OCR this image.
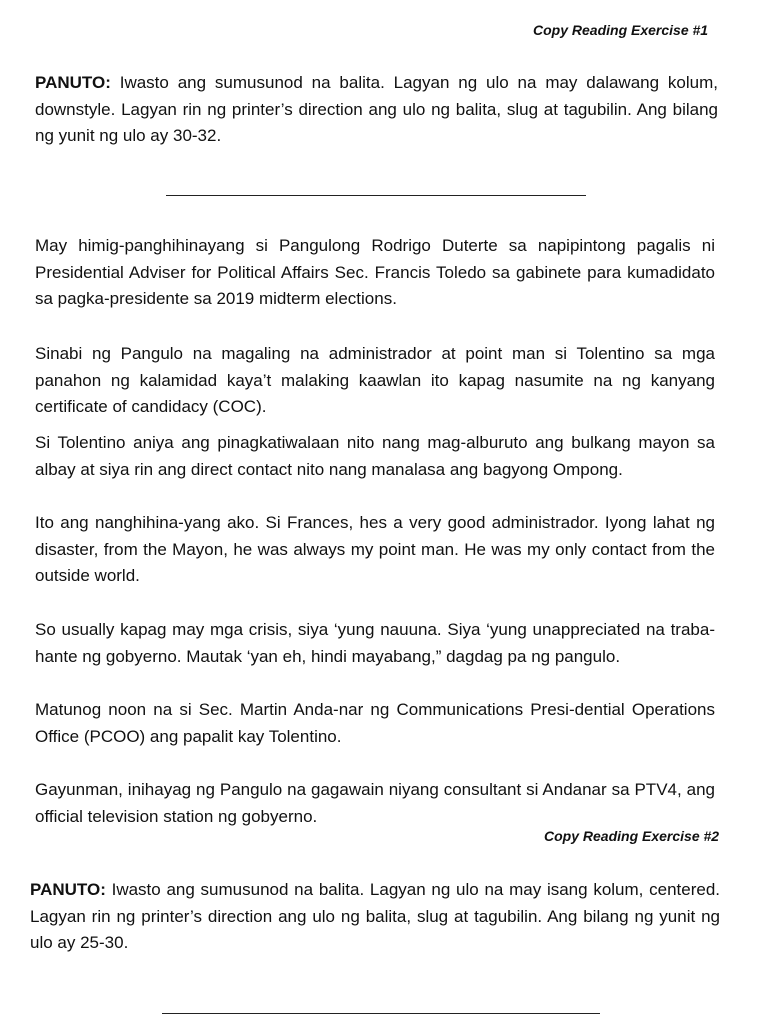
Copy Reading Exercise #1

PANUTO: Iwasto ang sumusunod na balita. Lagyan ng ulo na may dalawang kolum, downstyle. Lagyan rin ng printer’s direction ang ulo ng balita, slug at tagubilin. Ang bilang ng yunit ng ulo ay 30-32.

May himig-panghihinayang si Pangulong Rodrigo Duterte sa napipintong pagalis ni Presidential Adviser for Political Affairs Sec. Francis Toledo sa gabinete para kumadidato sa pagka-presidente sa 2019 midterm elections.

Sinabi ng Pangulo na magaling na administrador at point man si Tolentino sa mga panahon ng kalamidad kaya’t malaking kaawlan ito kapag nasumite na ng kanyang certificate of candidacy (COC).

Si Tolentino aniya ang pinagkatiwalaan nito nang mag-alburuto ang bulkang mayon sa albay at siya rin ang direct contact nito nang manalasa ang bagyong Ompong.

Ito ang nanghihina-yang ako. Si Frances, hes a very good administrador. Iyong lahat ng disaster, from the Mayon, he was always my point man. He was my only contact from the outside world.

So usually kapag may mga crisis, siya ‘yung nauuna. Siya ‘yung unappreciated na traba-hante ng gobyerno. Mautak ‘yan eh, hindi mayabang,” dagdag pa ng pangulo.

Matunog noon na si Sec. Martin Anda-nar ng Communications Presi-dential Operations Office (PCOO) ang papalit kay Tolentino.

Gayunman, inihayag ng Pangulo na gagawain niyang consultant si Andanar sa PTV4, ang official television station ng gobyerno.

Copy Reading Exercise #2

PANUTO: Iwasto ang sumusunod na balita. Lagyan ng ulo na may isang kolum, centered. Lagyan rin ng printer’s direction ang ulo ng balita, slug at tagubilin. Ang bilang ng yunit ng ulo ay 25-30.
